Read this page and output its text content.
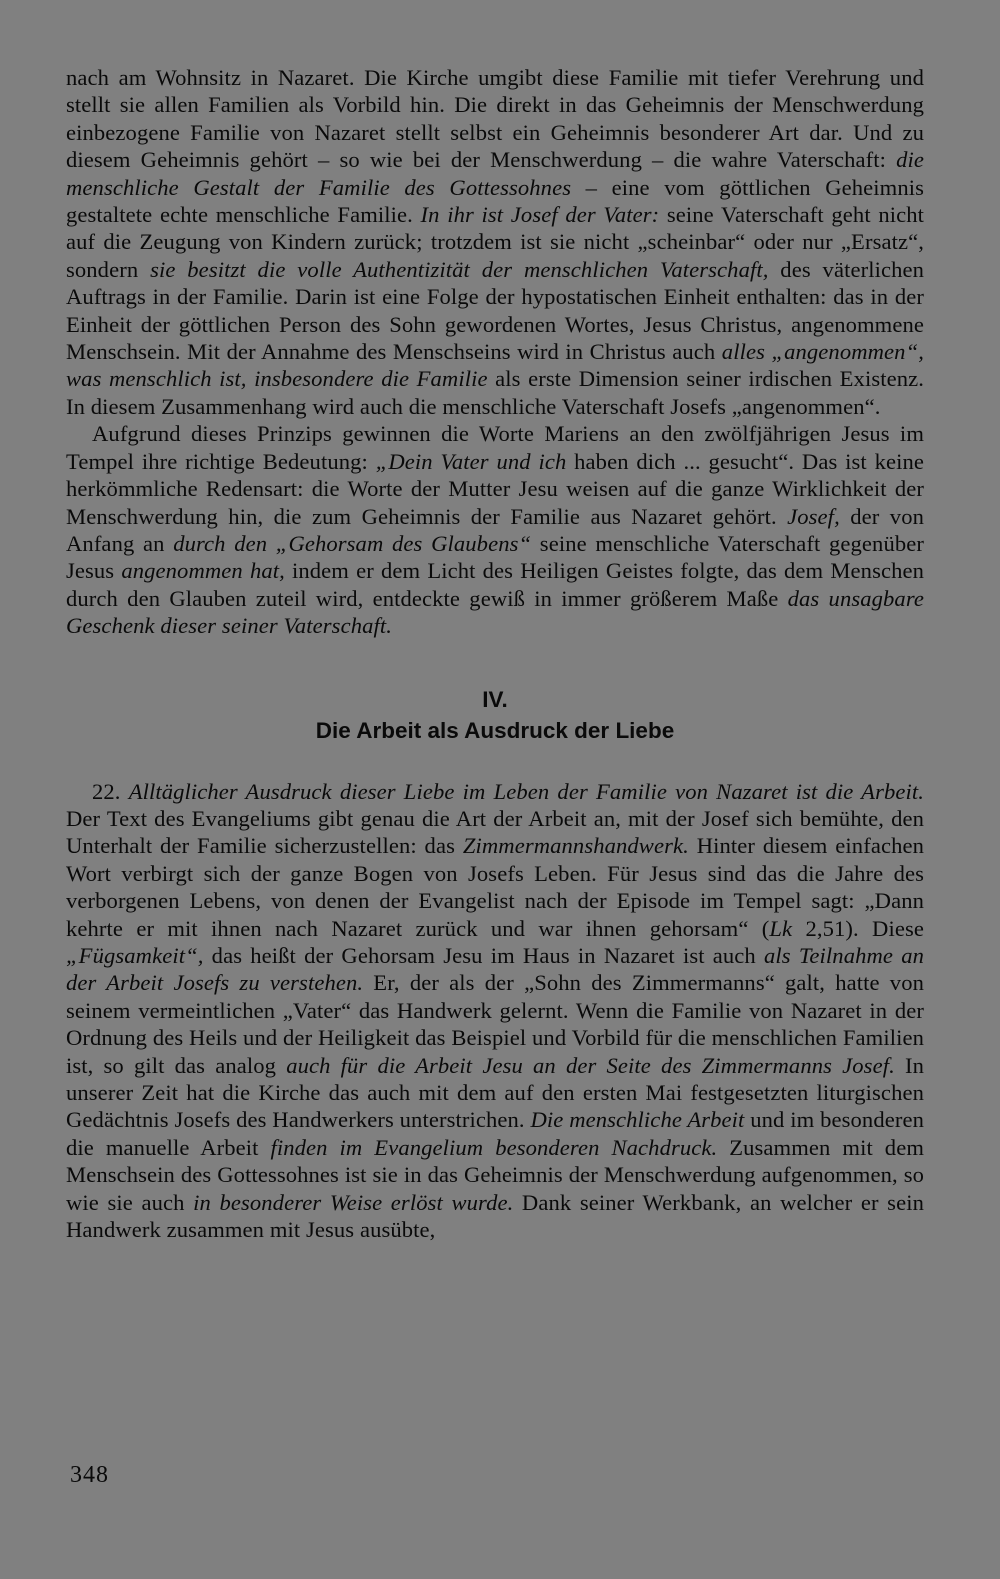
nach am Wohnsitz in Nazaret. Die Kirche umgibt diese Familie mit tiefer Verehrung und stellt sie allen Familien als Vorbild hin. Die direkt in das Geheimnis der Menschwerdung einbezogene Familie von Nazaret stellt selbst ein Geheimnis besonderer Art dar. Und zu diesem Geheimnis gehört – so wie bei der Menschwerdung – die wahre Vaterschaft: die menschliche Gestalt der Familie des Gottessohnes – eine vom göttlichen Geheimnis gestaltete echte menschliche Familie. In ihr ist Josef der Vater: seine Vaterschaft geht nicht auf die Zeugung von Kindern zurück; trotzdem ist sie nicht „scheinbar“ oder nur „Ersatz“, sondern sie besitzt die volle Authentizität der menschlichen Vaterschaft, des väterlichen Auftrags in der Familie. Darin ist eine Folge der hypostatischen Einheit enthalten: das in der Einheit der göttlichen Person des Sohn gewordenen Wortes, Jesus Christus, angenommene Menschsein. Mit der Annahme des Menschseins wird in Christus auch alles „angenommen“, was menschlich ist, insbesondere die Familie als erste Dimension seiner irdischen Existenz. In diesem Zusammenhang wird auch die menschliche Vaterschaft Josefs „angenommen“.

Aufgrund dieses Prinzips gewinnen die Worte Mariens an den zwölfjährigen Jesus im Tempel ihre richtige Bedeutung: „Dein Vater und ich haben dich ... gesucht“. Das ist keine herkömmliche Redensart: die Worte der Mutter Jesu weisen auf die ganze Wirklichkeit der Menschwerdung hin, die zum Geheimnis der Familie aus Nazaret gehört. Josef, der von Anfang an durch den „Gehorsam des Glaubens“ seine menschliche Vaterschaft gegenüber Jesus angenommen hat, indem er dem Licht des Heiligen Geistes folgte, das dem Menschen durch den Glauben zuteil wird, entdeckte gewiß in immer größerem Maße das unsagbare Geschenk dieser seiner Vaterschaft.

IV.
Die Arbeit als Ausdruck der Liebe

22. Alltäglicher Ausdruck dieser Liebe im Leben der Familie von Nazaret ist die Arbeit. Der Text des Evangeliums gibt genau die Art der Arbeit an, mit der Josef sich bemühte, den Unterhalt der Familie sicherzustellen: das Zimmermannshandwerk. Hinter diesem einfachen Wort verbirgt sich der ganze Bogen von Josefs Leben. Für Jesus sind das die Jahre des verborgenen Lebens, von denen der Evangelist nach der Episode im Tempel sagt: „Dann kehrte er mit ihnen nach Nazaret zurück und war ihnen gehorsam“ (Lk 2,51). Diese „Fügsamkeit“, das heißt der Gehorsam Jesu im Haus in Nazaret ist auch als Teilnahme an der Arbeit Josefs zu verstehen. Er, der als der „Sohn des Zimmermanns“ galt, hatte von seinem vermeintlichen „Vater“ das Handwerk gelernt. Wenn die Familie von Nazaret in der Ordnung des Heils und der Heiligkeit das Beispiel und Vorbild für die menschlichen Familien ist, so gilt das analog auch für die Arbeit Jesu an der Seite des Zimmermanns Josef. In unserer Zeit hat die Kirche das auch mit dem auf den ersten Mai festgesetzten liturgischen Gedächtnis Josefs des Handwerkers unterstrichen. Die menschliche Arbeit und im besonderen die manuelle Arbeit finden im Evangelium besonderen Nachdruck. Zusammen mit dem Menschsein des Gottessohnes ist sie in das Geheimnis der Menschwerdung aufgenommen, so wie sie auch in besonderer Weise erlöst wurde. Dank seiner Werkbank, an welcher er sein Handwerk zusammen mit Jesus ausübte,

348
